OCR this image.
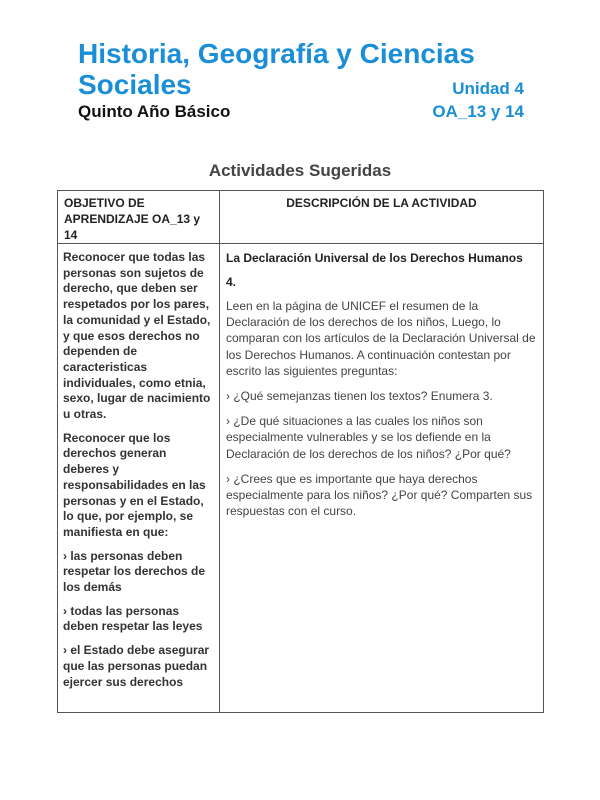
Historia, Geografía y Ciencias
Sociales	Unidad 4
Quinto Año Básico	OA_13 y 14
Actividades Sugeridas
OBJETIVO DE APRENDIZAJE OA_13 y 14
DESCRIPCIÓN DE LA ACTIVIDAD

Reconocer que todas las personas son sujetos de derecho, que deben ser respetados por los pares, la comunidad y el Estado, y que esos derechos no dependen de caracteristicas individuales, como etnia, sexo, lugar de nacimiento u otras.

Reconocer que los derechos generan deberes y responsabilidades en las personas y en el Estado, lo que, por ejemplo, se manifiesta en que:

› las personas deben respetar los derechos de los demás

› todas las personas deben respetar las leyes

› el Estado debe asegurar que las personas puedan ejercer sus derechos

La Declaración Universal de los Derechos Humanos

4.

Leen en la página de UNICEF el resumen de la Declaración de los derechos de los niños, Luego, lo comparan con los artículos de la Declaración Universal de los Derechos Humanos. A continuación contestan por escrito las siguientes preguntas:

› ¿Qué semejanzas tienen los textos? Enumera 3.

› ¿De qué situaciones a las cuales los niños son especialmente vulnerables y se los defiende en la Declaración de los derechos de los niños? ¿Por qué?

› ¿Crees que es importante que haya derechos especialmente para los niños? ¿Por qué? Comparten sus respuestas con el curso.
